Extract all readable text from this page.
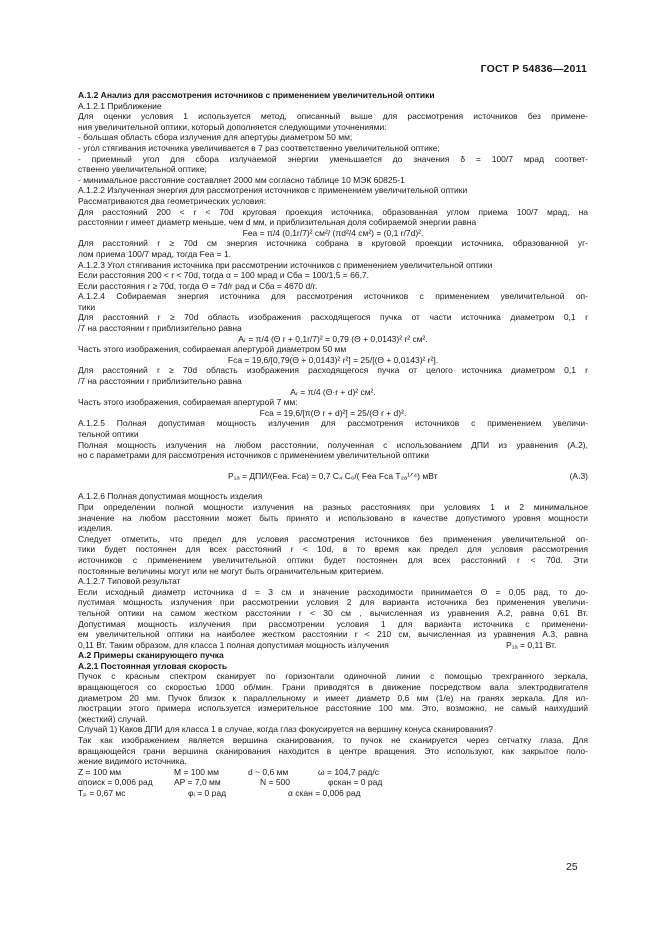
ГОСТ Р 54836—2011
А.1.2 Анализ для рассмотрения источников с применением увеличительной оптики
А.1.2.1 Приближение
Для оценки условия 1 используется метод, описанный выше для рассмотрения источников без примене-
ния увеличительной оптики, который дополняется следующими уточнениями:
- большая область сбора излучения для апертуры диаметром 50 мм;
- угол стягивания источника увеличивается в 7 раз соответственно увеличительной оптике;
- приемный угол для сбора излучаемой энергии уменьшается до значения δ = 100/7 мрад соответ-
ственно увеличительной оптике;
- минимальное расстояние составляет 2000 мм согласно таблице 10 МЭК 60825-1
А.1.2.2 Излученная энергия для рассмотрения источников с применением увеличительной оптики
Рассматриваются два геометрических условия:
Для расстояний 200 < r < 70d круговая проекция источника, образованная углом приема 100/7 мрад, на
расстоянии r имеет диаметр меньше, чем d мм, и приблизительная доля собираемой энергии равна
Fеа = π/4 (0,1r/7)² см²/ (πd²/4 см²) = (0,1 r/7d)².
Для расстояний r ≥ 70d см энергия источника собрана в круговой проекции источника, образованной уг-
лом приема 100/7 мрад, тогда Fеа = 1.
А.1.2.3 Угол стягивания источника при рассмотрении источников с применением увеличительной оптики
Если расстояния 200 < r < 70d, тогда α = 100 мрад и Cба = 100/1,5 = 66,7.
Если расстояния r ≥ 70d, тогда Θ = 7d/r рад и Cба = 4670 d/r.
А.1.2.4 Собираемая энергия источника для рассмотрения источников с применением увеличительной оп-
тики
Для расстояний r ≥ 70d область изображения расходящегося пучка от части источника диаметром 0,1 r
/7 на расстоянии r приблизительно равна
Aᵣ = π/4 (Θ r + 0,1r/7)² = 0,79 (Θ + 0,0143)² r² см².
Часть этого изображения, собираемая апертурой диаметром 50 мм
Fса = 19,6/[0,79(Θ + 0,0143)² r²] = 25/[(Θ + 0,0143)² r²].
Для расстояний r ≥ 70d область изображения расходящегося пучка от целого источника диаметром 0,1 r
/7 на расстоянии r приблизительно равна
Aᵣ = π/4 (Θ·r + d)² см².
Часть этого изображения, собираемая апертурой 7 мм:
Fса = 19,6/[π(Θ r + d)²] = 25/(Θ r + d)².
А.1.2.5 Полная допустимая мощность излучения для рассмотрения источников с применением увеличи-
тельной оптики
Полная мощность излучения на любом расстоянии, полученная с использованием ДПИ из уравнения (А.2),
но с параметрами для рассмотрения источников с применением увеличительной оптики
P₁ₐ = ДПИ/(Fеа. Fса) = 0,7 C₄ C₆/( Fеа Fса T₂ₐ¹ᐟ⁴) мВт	(А.3)
А.1.2.6 Полная допустимая мощность изделия
При определении полной мощности излучения на разных расстояниях при условиях 1 и 2 минимальное
значение на любом расстоянии может быть принято и использовано в качестве допустимого уровня мощности
изделия.
Следует отметить, что предел для условия рассмотрения источников без применения увеличительной оп-
тики будет постоянен для всех расстояний r < 10d, в то время как предел для условия рассмотрения
источников с применением увеличительной оптики будет постоянен для всех расстояний r < 70d. Эти
постоянные величины могут или не могут быть ограничительным критерием.
А.1.2.7 Типовой результат
Если исходный диаметр источника d = 3 см и значение расходимости принимается Θ = 0,05 рад, то до-
пустимая мощность излучения при рассмотрении условия 2 для варианта источника без применения увеличи-
тельной оптики на самом жестком расстоянии r < 30 см , вычисленная из уравнения А.2, равна 0,61 Вт.
Допустимая мощность излучения при рассмотрении условия 1 для варианта источника с применени-
ем увеличительной оптики на наиболее жестком расстоянии r < 210 см, вычисленная из уравнения А.3, равна
0,11 Вт. Таким образом, для класса 1 полная допустимая мощность излучения	P₁ₐ = 0,11 Вт.
А.2 Примеры сканирующего пучка
А.2.1 Постоянная угловая скорость
Пучок с красным спектром сканирует по горизонтали одиночной линии с помощью трехгранного зеркала,
вращающегося со скоростью 1000 об/мин. Грани приводятся в движение посредством вала электродвигателя
диаметром 20 мм. Пучок близок к параллельному и имеет диаметр 0,6 мм (1/e) на гранях зеркала. Для ил-
люстрации этого примера используется измерительное расстояние 100 мм. Это, возможно, не самый наихудший
(жесткий) случай.
Случай 1) Каков ДПИ для класса 1 в случае, когда глаз фокусируется на вершину конуса сканирования?
Так как изображением является вершина сканирования, то пучок не сканируется через сетчатку глаза. Для
вращающейся грани вершина сканирования находится в центре вращения. Это используют, как закрытое поло-
жение видимого источника.
Z = 100 мм	M = 100 мм	d ~ 0,6 мм	ω = 104,7 рад/с
αпоиск = 0,006 рад	AP = 7,0 мм	N = 500	φскан = 0 рад
Tₚ = 0,67 мс	φᵢ = 0 рад	α скан = 0,006 рад
25
